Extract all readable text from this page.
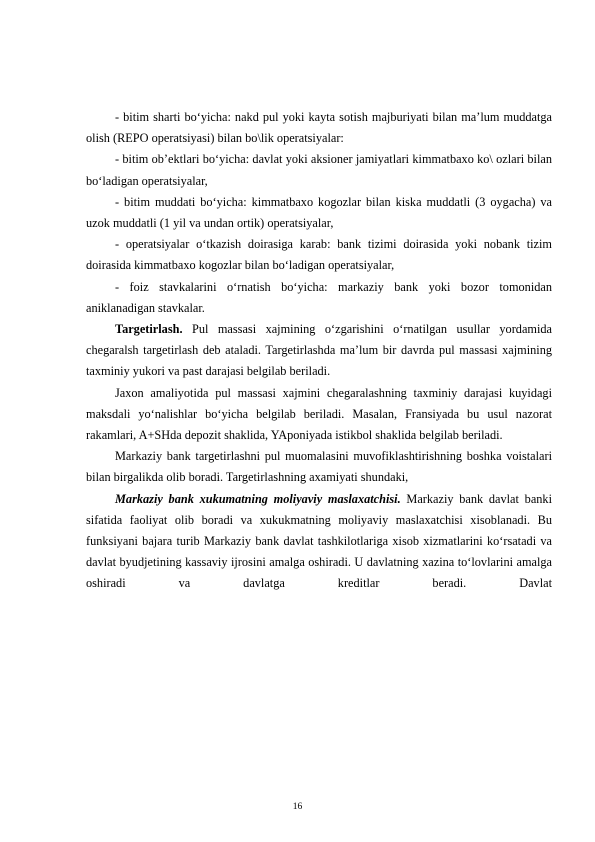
- bitim sharti bo‘yicha: nakd pul yoki kayta sotish majburiyati bilan ma’lum muddatga olish (REPO operatsiyasi) bilan bo\lik operatsiyalar:

- bitim ob’ektlari bo‘yicha: davlat yoki aksioner jamiyatlari kimmatbaxo ko\ ozlari bilan bo‘ladigan operatsiyalar,

- bitim muddati bo‘yicha: kimmatbaxo kogozlar bilan kiska muddatli (3 oygacha) va uzok muddatli (1 yil va undan ortik) operatsiyalar,

- operatsiyalar o‘tkazish doirasiga karab: bank tizimi doirasida yoki nobank tizim doirasida kimmatbaxo kogozlar bilan bo‘ladigan operatsiyalar,

- foiz stavkalarini o‘rnatish bo‘yicha: markaziy bank yoki bozor tomonidan aniklanadigan stavkalar.

Targetirlash. Pul massasi xajmining o‘zgarishini o‘rnatilgan usullar yordamida chegaralsh targetirlash deb ataladi. Targetirlashda ma’lum bir davrda pul massasi xajmining taxminiy yukori va past darajasi belgilab beriladi.

Jaxon amaliyotida pul massasi xajmini chegaralashning taxminiy darajasi kuyidagi maksdali yo‘nalishlar bo‘yicha belgilab beriladi. Masalan, Fransiyada bu usul nazorat rakamlari, A+SHda depozit shaklida, YAponiyada istikbol shaklida belgilab beriladi.

Markaziy bank targetirlashni pul muomalasini muvofiklashtirishning boshka voistalari bilan birgalikda olib boradi. Targetirlashning axamiyati shundaki,

Markaziy bank xukumatning moliyaviy maslaxatchisi. Markaziy bank davlat banki sifatida faoliyat olib boradi va xukukmatning moliyaviy maslaxatchisi xisoblanadi. Bu funksiyani bajara turib Markaziy bank davlat tashkilotlariga xisob xizmatlarini ko‘rsatadi va davlat byudjetining kassaviy ijrosini amalga oshiradi. U davlatning xazina to‘lovlarini amalga oshiradi va davlatga kreditlar beradi. Davlat

16
